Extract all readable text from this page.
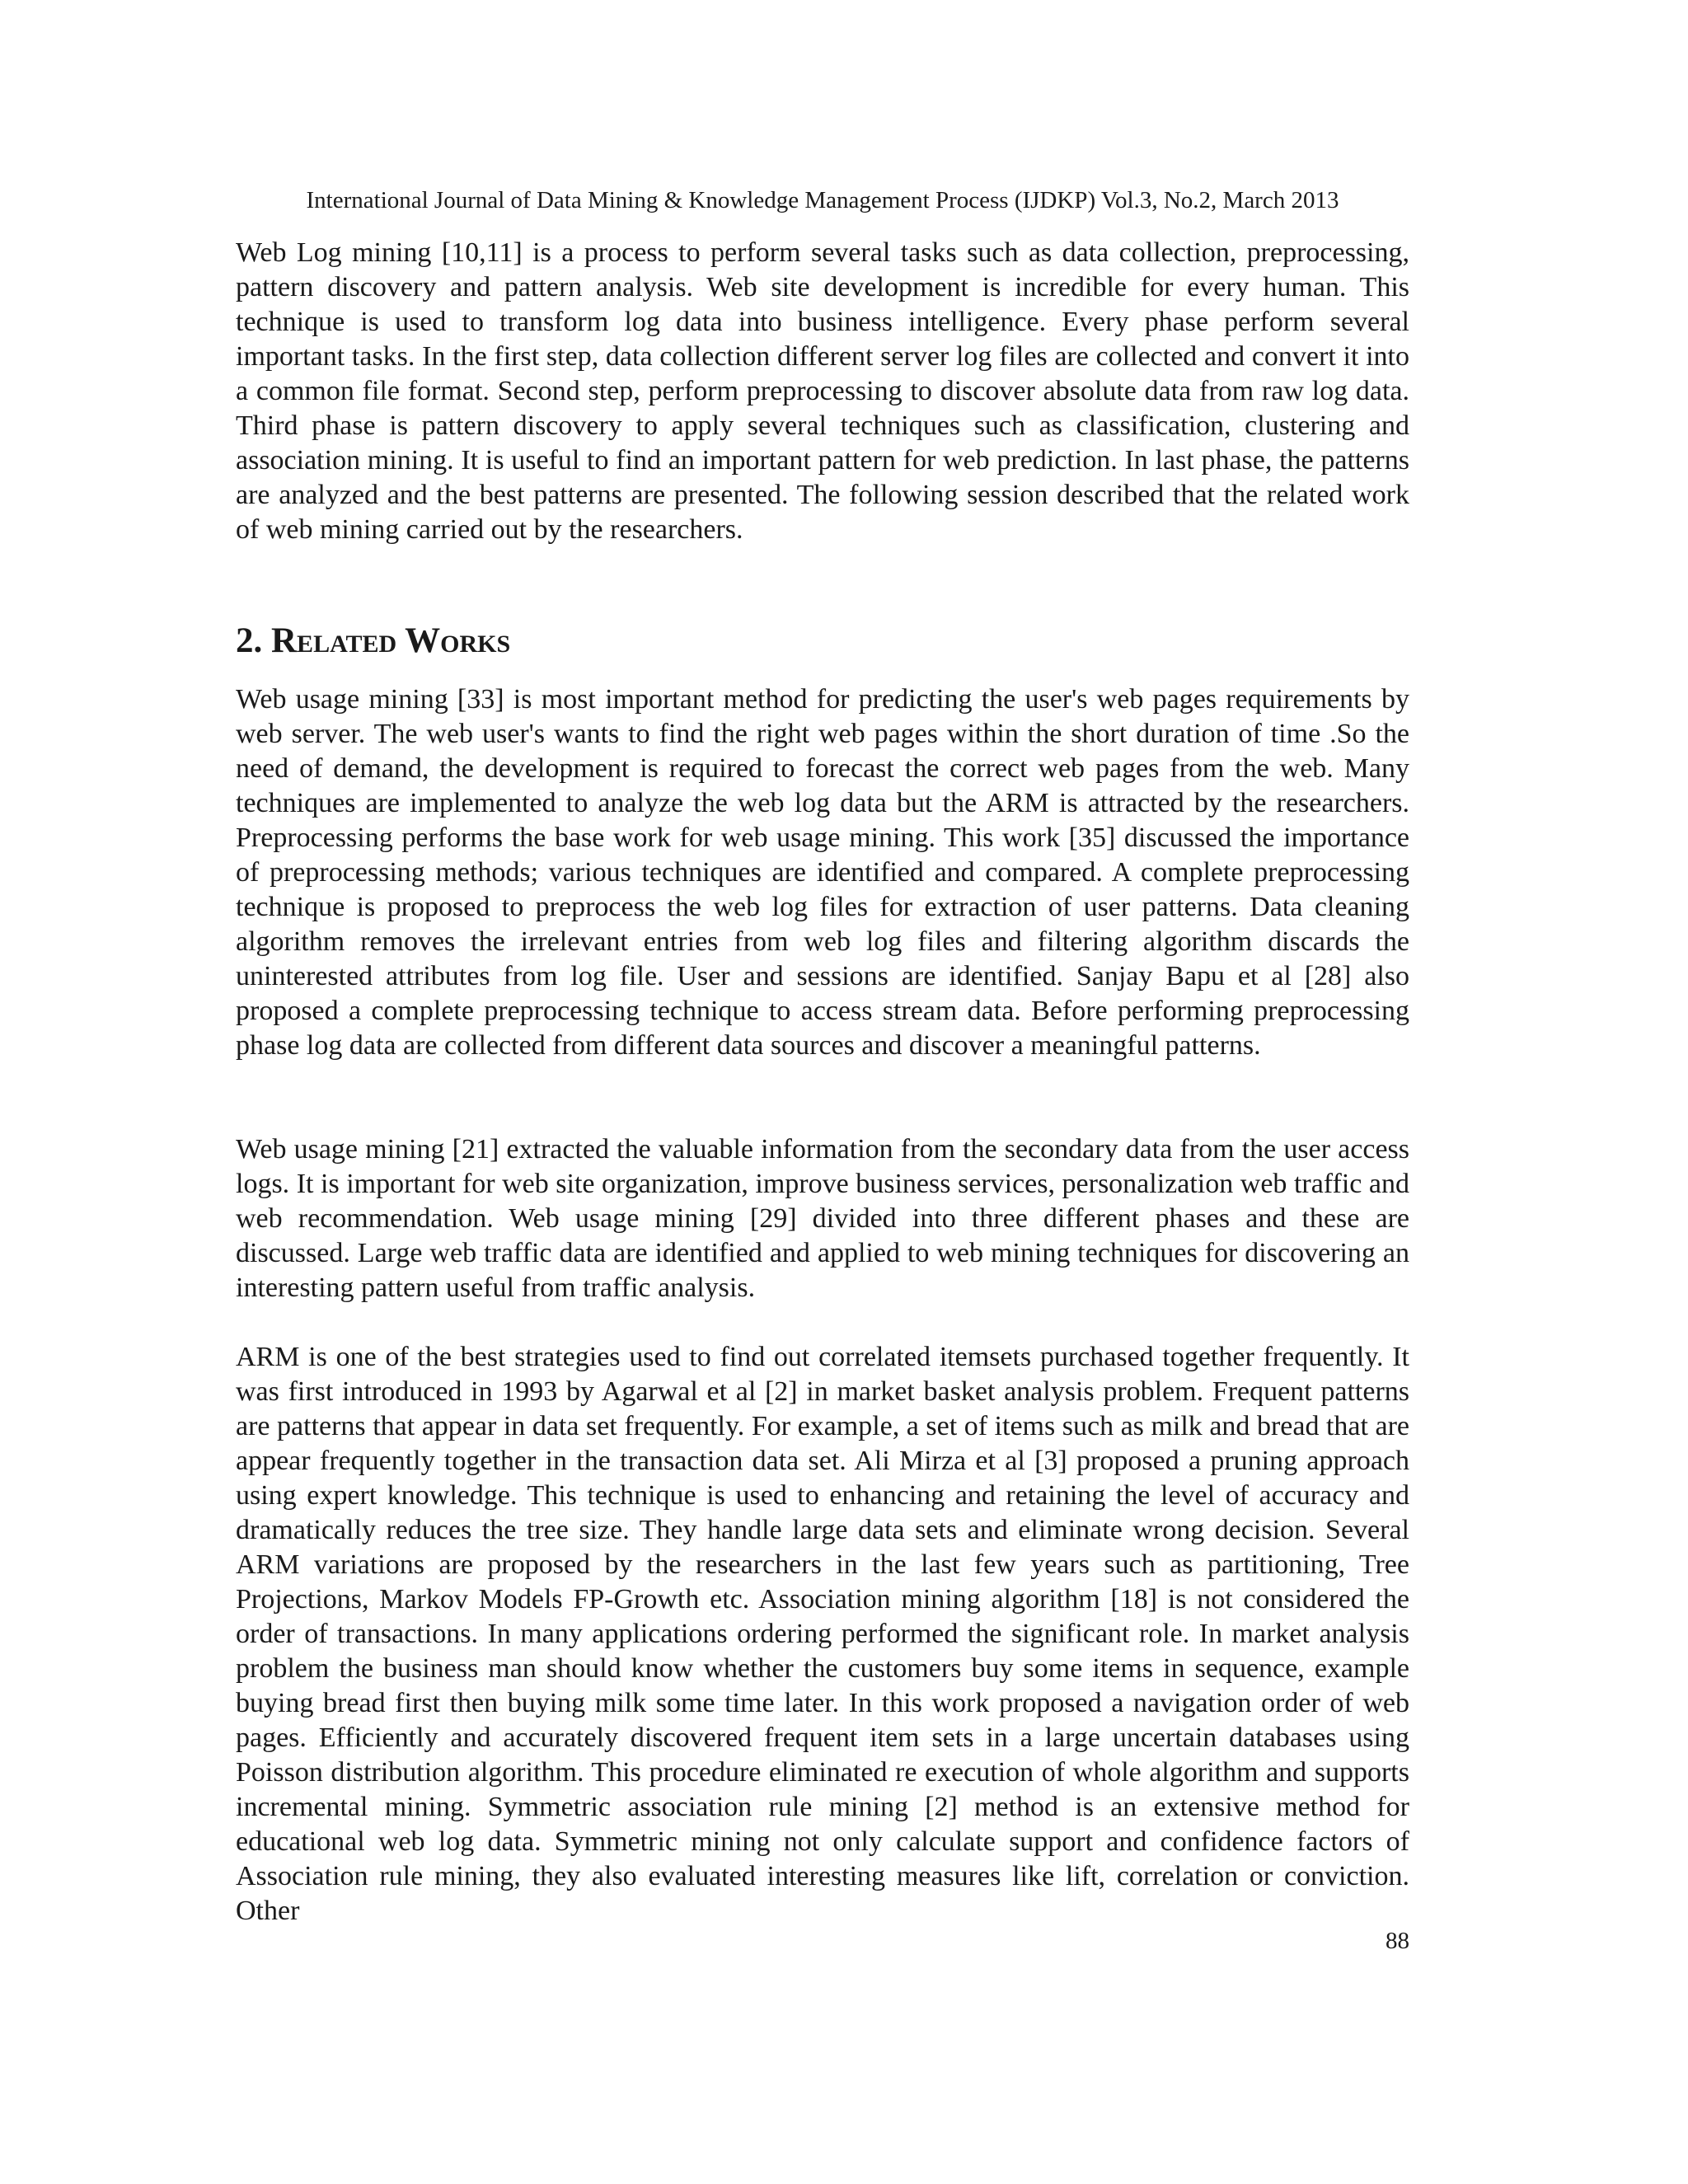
International Journal of Data Mining & Knowledge Management Process (IJDKP) Vol.3, No.2, March 2013

Web Log mining [10,11] is a process to perform several tasks such as data collection, preprocessing, pattern discovery and pattern analysis. Web site development is incredible for every human. This technique is used to transform log data into business intelligence. Every phase perform several important tasks. In the first step, data collection different server log files are collected and convert it into a common file format. Second step, perform preprocessing to discover absolute data from raw log data. Third phase is pattern discovery to apply several techniques such as classification, clustering and association mining. It is useful to find an important pattern for web prediction. In last phase, the patterns are analyzed and the best patterns are presented. The following session described that the related work of web mining carried out by the researchers.

2. Related Works

Web usage mining [33] is most important method for predicting the user's web pages requirements by web server. The web user's wants to find the right web pages within the short duration of time .So the need of demand, the development is required to forecast the correct web pages from the web. Many techniques are implemented to analyze the web log data but the ARM is attracted by the researchers. Preprocessing performs the base work for web usage mining. This work [35] discussed the importance of preprocessing methods; various techniques are identified and compared. A complete preprocessing technique is proposed to preprocess the web log files for extraction of user patterns. Data cleaning algorithm removes the irrelevant entries from web log files and filtering algorithm discards the uninterested attributes from log file. User and sessions are identified. Sanjay Bapu et al [28] also proposed a complete preprocessing technique to access stream data. Before performing preprocessing phase log data are collected from different data sources and discover a meaningful patterns.

Web usage mining [21] extracted the valuable information from the secondary data from the user access logs. It is important for web site organization, improve business services, personalization web traffic and web recommendation. Web usage mining [29] divided into three different phases and these are discussed. Large web traffic data are identified and applied to web mining techniques for discovering an interesting pattern useful from traffic analysis.

ARM is one of the best strategies used to find out correlated itemsets purchased together frequently. It was first introduced in 1993 by Agarwal et al [2] in market basket analysis problem. Frequent patterns are patterns that appear in data set frequently. For example, a set of items such as milk and bread that are appear frequently together in the transaction data set. Ali Mirza et al [3] proposed a pruning approach using expert knowledge. This technique is used to enhancing and retaining the level of accuracy and dramatically reduces the tree size. They handle large data sets and eliminate wrong decision. Several ARM variations are proposed by the researchers in the last few years such as partitioning, Tree Projections, Markov Models FP-Growth etc. Association mining algorithm [18] is not considered the order of transactions. In many applications ordering performed the significant role. In market analysis problem the business man should know whether the customers buy some items in sequence, example buying bread first then buying milk some time later. In this work proposed a navigation order of web pages. Efficiently and accurately discovered frequent item sets in a large uncertain databases using Poisson distribution algorithm. This procedure eliminated re execution of whole algorithm and supports incremental mining. Symmetric association rule mining [2] method is an extensive method for educational web log data. Symmetric mining not only calculate support and confidence factors of Association rule mining, they also evaluated interesting measures like lift, correlation or conviction. Other

88
